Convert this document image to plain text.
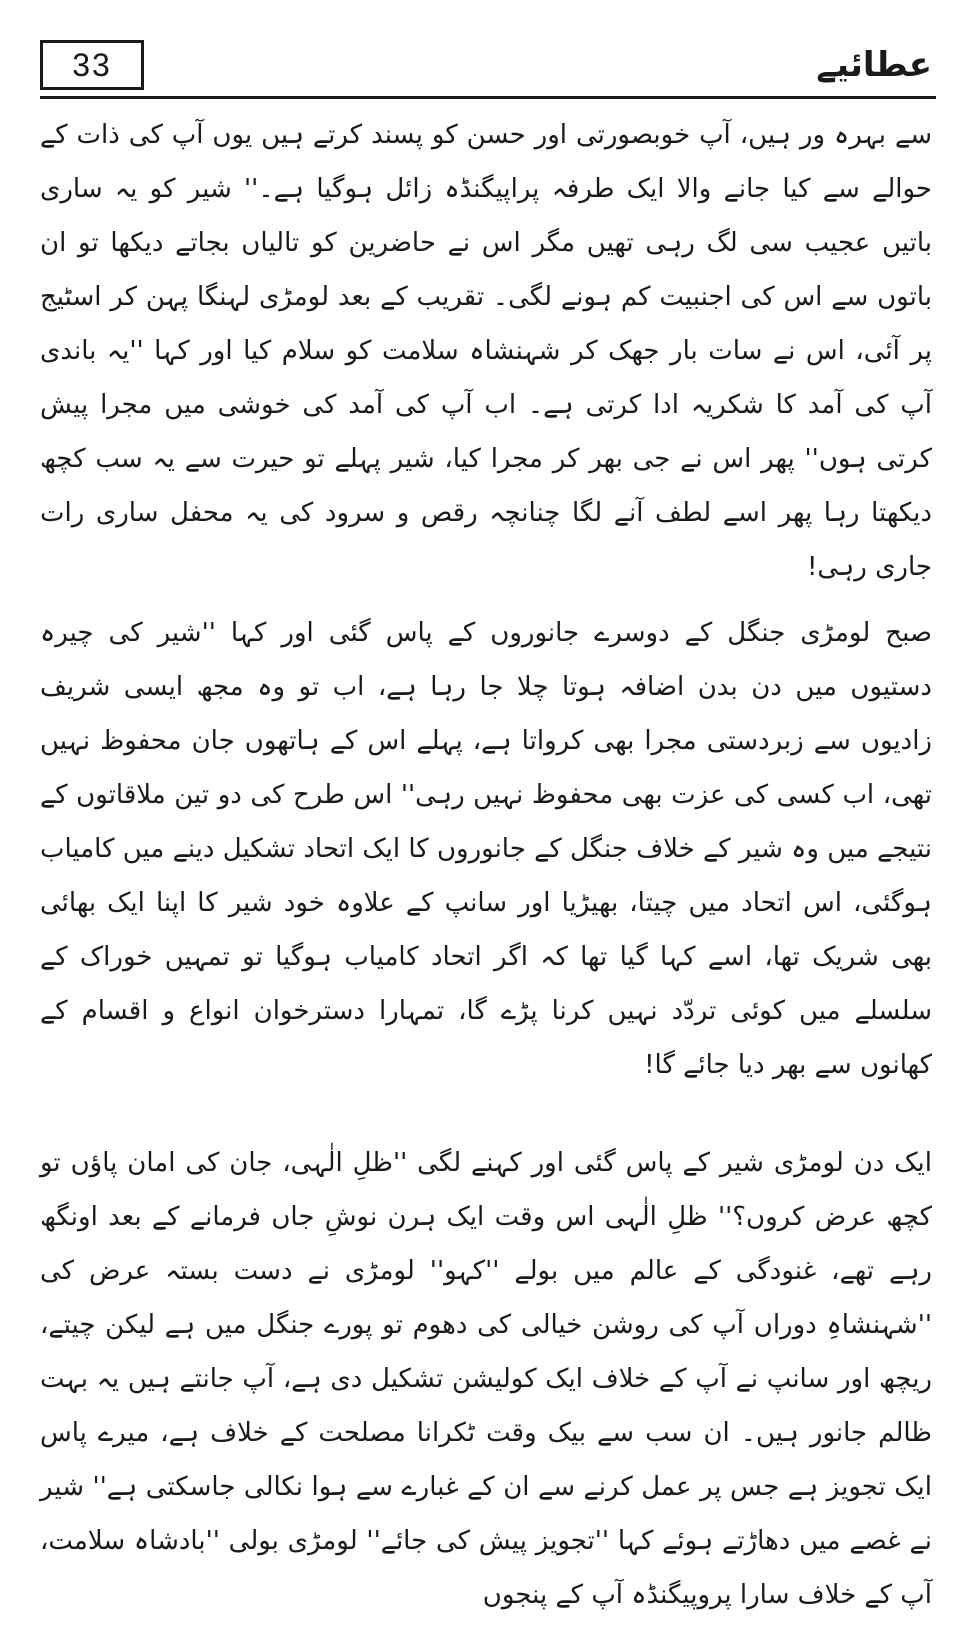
33	عطائیے

سے بہرہ ور ہیں، آپ خوبصورتی اور حسن کو پسند کرتے ہیں یوں آپ کی ذات کے حوالے سے کیا جانے والا ایک طرفہ پراپیگنڈہ زائل ہوگیا ہے۔'' شیر کو یہ ساری باتیں عجیب سی لگ رہی تھیں مگر اس نے حاضرین کو تالیاں بجاتے دیکھا تو ان باتوں سے اس کی اجنبیت کم ہونے لگی۔ تقریب کے بعد لومڑی لہنگا پہن کر اسٹیج پر آئی، اس نے سات بار جھک کر شہنشاہ سلامت کو سلام کیا اور کہا ''یہ باندی آپ کی آمد کا شکریہ ادا کرتی ہے۔ اب آپ کی آمد کی خوشی میں مجرا پیش کرتی ہوں'' پھر اس نے جی بھر کر مجرا کیا، شیر پہلے تو حیرت سے یہ سب کچھ دیکھتا رہا پھر اسے لطف آنے لگا چنانچہ رقص و سرود کی یہ محفل ساری رات جاری رہی!

صبح لومڑی جنگل کے دوسرے جانوروں کے پاس گئی اور کہا ''شیر کی چیرہ دستیوں میں دن بدن اضافہ ہوتا چلا جا رہا ہے، اب تو وہ مجھ ایسی شریف زادیوں سے زبردستی مجرا بھی کرواتا ہے، پہلے اس کے ہاتھوں جان محفوظ نہیں تھی، اب کسی کی عزت بھی محفوظ نہیں رہی'' اس طرح کی دو تین ملاقاتوں کے نتیجے میں وہ شیر کے خلاف جنگل کے جانوروں کا ایک اتحاد تشکیل دینے میں کامیاب ہوگئی، اس اتحاد میں چیتا، بھیڑیا اور سانپ کے علاوہ خود شیر کا اپنا ایک بھائی بھی شریک تھا، اسے کہا گیا تھا کہ اگر اتحاد کامیاب ہوگیا تو تمہیں خوراک کے سلسلے میں کوئی تردّد نہیں کرنا پڑے گا، تمہارا دسترخوان انواع و اقسام کے کھانوں سے بھر دیا جائے گا!

ایک دن لومڑی شیر کے پاس گئی اور کہنے لگی ''ظلِ الٰہی، جان کی امان پاؤں تو کچھ عرض کروں؟'' ظلِ الٰہی اس وقت ایک ہرن نوشِ جاں فرمانے کے بعد اونگھ رہے تھے، غنودگی کے عالم میں بولے ''کہو'' لومڑی نے دست بستہ عرض کی ''شہنشاہِ دوراں آپ کی روشن خیالی کی دھوم تو پورے جنگل میں ہے لیکن چیتے، ریچھ اور سانپ نے آپ کے خلاف ایک کولیشن تشکیل دی ہے، آپ جانتے ہیں یہ بہت ظالم جانور ہیں۔ ان سب سے بیک وقت ٹکرانا مصلحت کے خلاف ہے، میرے پاس ایک تجویز ہے جس پر عمل کرنے سے ان کے غبارے سے ہوا نکالی جاسکتی ہے'' شیر نے غصے میں دھاڑتے ہوئے کہا ''تجویز پیش کی جائے'' لومڑی بولی ''بادشاہ سلامت، آپ کے خلاف سارا پروپیگنڈہ آپ کے پنجوں
